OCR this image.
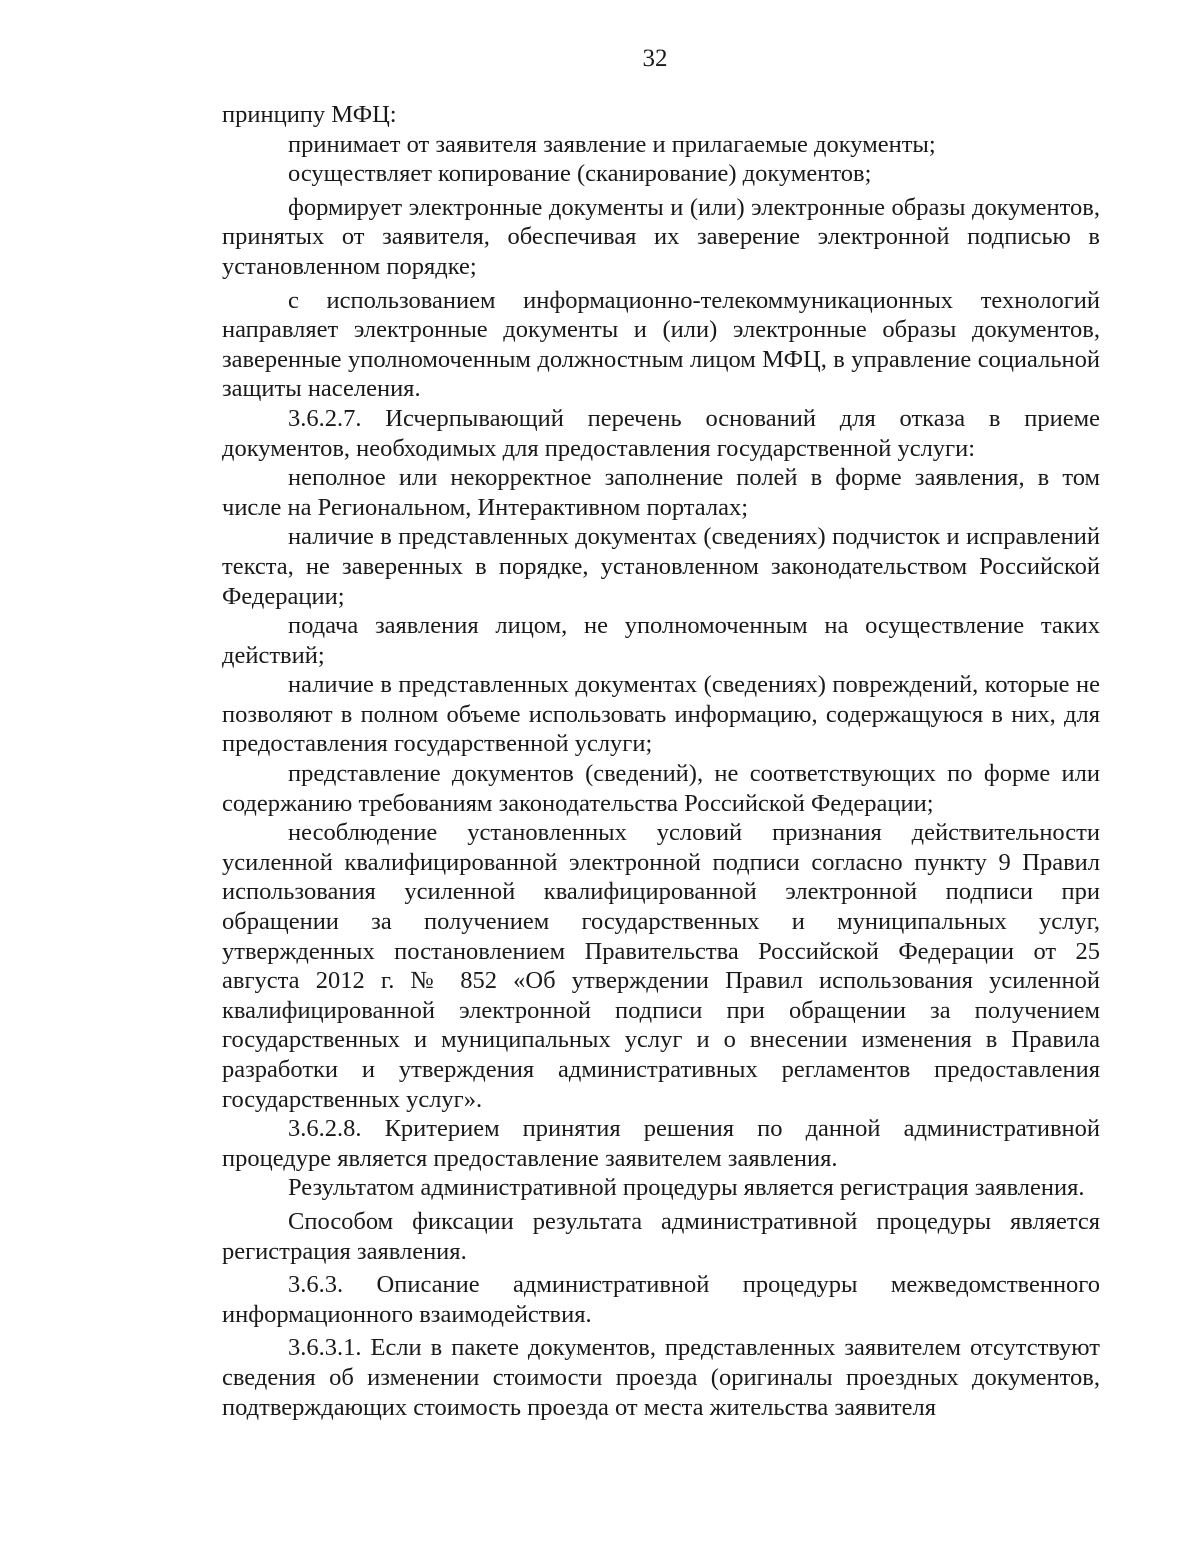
32

принципу МФЦ:

принимает от заявителя заявление и прилагаемые документы;

осуществляет копирование (сканирование) документов;

формирует электронные документы и (или) электронные образы документов, принятых от заявителя, обеспечивая их заверение электронной подписью в установленном порядке;

с использованием информационно-телекоммуникационных технологий направляет электронные документы и (или) электронные образы документов, заверенные уполномоченным должностным лицом МФЦ, в управление социальной защиты населения.

3.6.2.7. Исчерпывающий перечень оснований для отказа в приеме документов, необходимых для предоставления государственной услуги:

неполное или некорректное заполнение полей в форме заявления, в том числе на Региональном, Интерактивном порталах;

наличие в представленных документах (сведениях) подчисток и исправлений текста, не заверенных в порядке, установленном законодательством Российской Федерации;

подача заявления лицом, не уполномоченным на осуществление таких действий;

наличие в представленных документах (сведениях) повреждений, которые не позволяют в полном объеме использовать информацию, содержащуюся в них, для предоставления государственной услуги;

представление документов (сведений), не соответствующих по форме или содержанию требованиям законодательства Российской Федерации;

несоблюдение установленных условий признания действительности усиленной квалифицированной электронной подписи согласно пункту 9 Правил использования усиленной квалифицированной электронной подписи при обращении за получением государственных и муниципальных услуг, утвержденных постановлением Правительства Российской Федерации от 25 августа 2012 г. № 852 «Об утверждении Правил использования усиленной квалифицированной электронной подписи при обращении за получением государственных и муниципальных услуг и о внесении изменения в Правила разработки и утверждения административных регламентов предоставления государственных услуг».

3.6.2.8. Критерием принятия решения по данной административной процедуре является предоставление заявителем заявления.

Результатом административной процедуры является регистрация заявления.

Способом фиксации результата административной процедуры является регистрация заявления.

3.6.3. Описание административной процедуры межведомственного информационного взаимодействия.

3.6.3.1. Если в пакете документов, представленных заявителем отсутствуют сведения об изменении стоимости проезда (оригиналы проездных документов, подтверждающих стоимость проезда от места жительства заявителя
